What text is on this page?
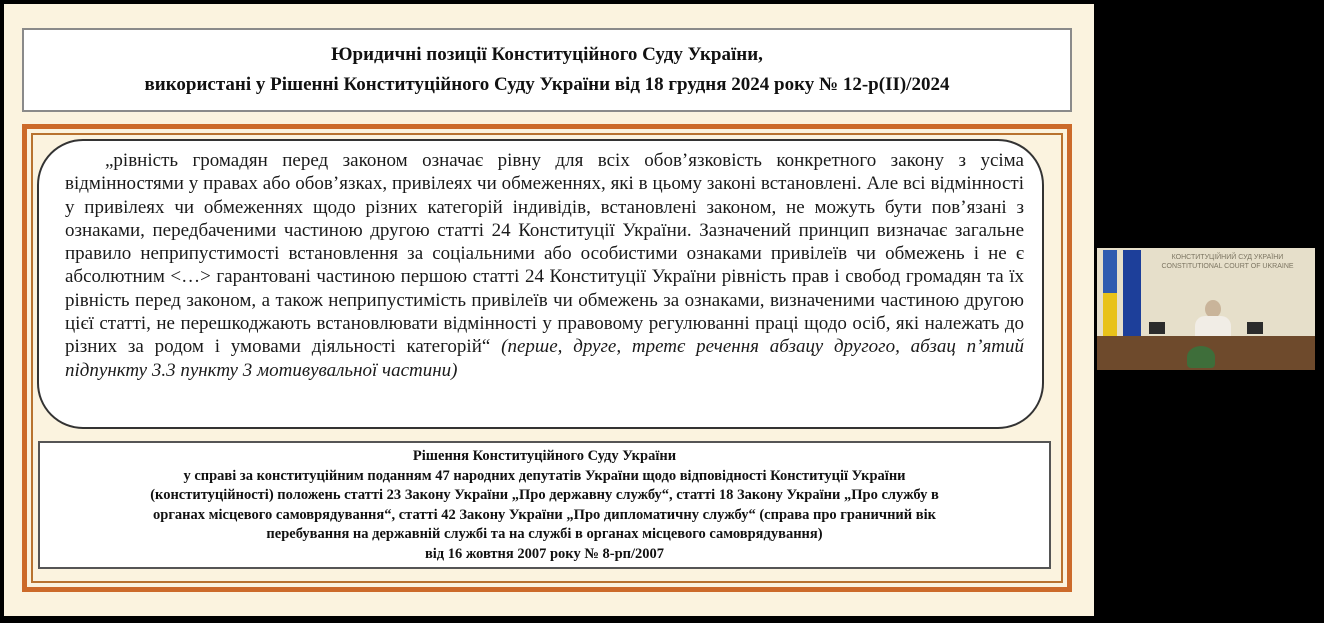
Юридичні позиції Конституційного Суду України,
використані у Рішенні Конституційного Суду України від 18 грудня 2024 року № 12-р(ІІ)/2024
„рівність громадян перед законом означає рівну для всіх обов’язковість конкретного закону з усіма відмінностями у правах або обов’язках, привілеях чи обмеженнях, які в цьому законі встановлені. Але всі відмінності у привілеях чи обмеженнях щодо різних категорій індивідів, встановлені законом, не можуть бути пов’язані з ознаками, передбаченими частиною другою статті 24 Конституції України. Зазначений принцип визначає загальне правило неприпустимості встановлення за соціальними або особистими ознаками привілеїв чи обмежень і не є абсолютним <…> гарантовані частиною першою статті 24 Конституції України рівність прав і свобод громадян та їх рівність перед законом, а також неприпустимість привілеїв чи обмежень за ознаками, визначеними частиною другою цієї статті, не перешкоджають встановлювати відмінності у правовому регулюванні праці щодо осіб, які належать до різних за родом і умовами діяльності категорій“ (перше, друге, третє речення абзацу другого, абзац п’ятий підпункту 3.3 пункту 3 мотивувальної частини)
Рішення Конституційного Суду України
у справі за конституційним поданням 47 народних депутатів України щодо відповідності Конституції України
(конституційності) положень статті 23 Закону України „Про державну службу“, статті 18 Закону України „Про службу в
органах місцевого самоврядування“, статті 42 Закону України „Про дипломатичну службу“ (справа про граничний вік
перебування на державній службі та на службі в органах місцевого самоврядування)
від 16 жовтня 2007 року № 8-рп/2007
КОНСТИТУЦІЙНИЙ СУД УКРАЇНИ
CONSTITUTIONAL COURT OF UKRAINE
